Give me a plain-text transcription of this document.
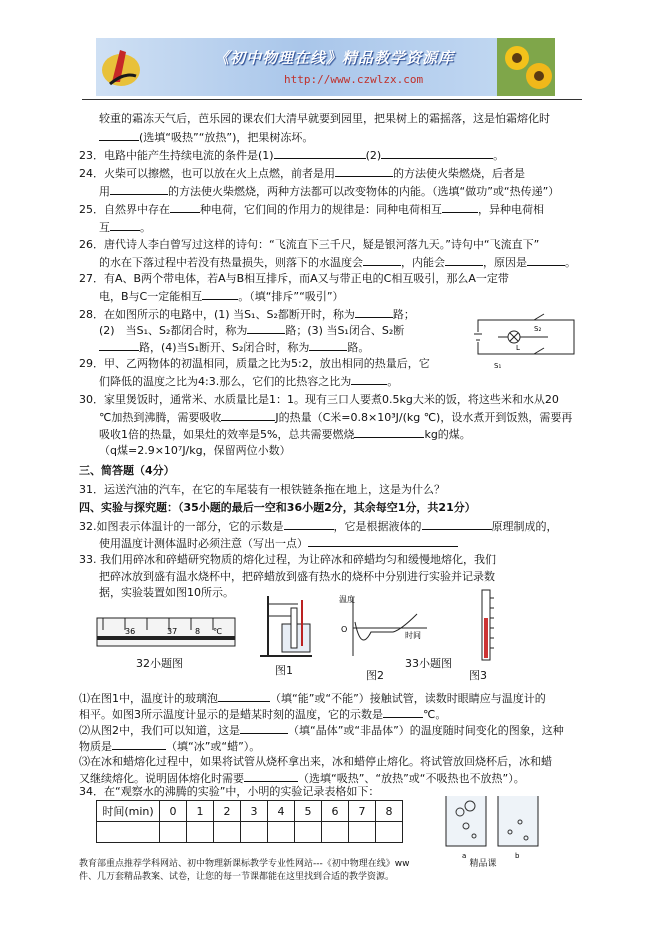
《初中物理在线》精品教学资源库
http://www.czwlzx.com
较重的霜冻天气后，芭乐园的课农们大清早就要到园里，把果树上的霜摇落，这是怕霜熔化时
(选填“吸热”“放热”)，把果树冻坏。
23．电路中能产生持续电流的条件是(1)	(2)	。
24．火柴可以擦燃，也可以放在火上点燃，前者是用	的方法使火柴燃烧，后者是
用	的方法使火柴燃烧，两种方法都可以改变物体的内能。（选填“做功”或“热传递”）
25．自然界中存在	种电荷，它们间的作用力的规律是：同种电荷相互	，异种电荷相
互	。
26．唐代诗人李白曾写过这样的诗句：“飞流直下三千尺，疑是银河落九天。”诗句中“飞流直下”
的水在下落过程中若没有热量损失，则落下的水温度会	，内能会	，原因是	。
27．有A、B两个带电体，若A与B相互排斥，而A又与带正电的C相互吸引，那么A一定带
电，B与C一定能相互	。（填“排斥”“吸引”）
28．在如图所示的电路中，(1) 当S₁、S₂都断开时，称为	路；
(2)　当S₁、S₂都闭合时，称为	路；(3) 当S₁闭合、S₂断
路，(4)当S₁断开、S₂闭合时，称为	路。
S₂
L
S₁
29．甲、乙两物体的初温相同，质量之比为5:2，放出相同的热量后，它
们降低的温度之比为4:3.那么，它们的比热容之比为	。
30．家里煲饭时，通常米、水质量比是1：1。现有三口人要煮0.5kg大米的饭，将这些米和水从20
℃加热到沸腾，需要吸收	J的热量（C米=0.8×10³J/(kg ℃)，设水煮开到饭熟，需要再
吸收1倍的热量，如果灶的效率是5%，总共需要燃烧	kg的煤。
（q煤=2.9×10⁷J/kg，保留两位小数）
三、简答题（4分）
31．运送汽油的汽车，在它的车尾装有一根铁链条拖在地上，这是为什么？
四、实验与探究题：（35小题的最后一空和36小题2分，其余每空1分，共21分）
32.如图表示体温计的一部分，它的示数是	，它是根据液体的	原理制成的，
使用温度计测体温时必须注意（写出一点）
33. 我们用碎冰和碎蜡研究物质的熔化过程，为让碎冰和碎蜡均匀和缓慢地熔化，我们
把碎冰放到盛有温水烧杯中，把碎蜡放到盛有热水的烧杯中分别进行实验并记录数
据，实验装置如图10所示。
36	37 8 ℃
温度
时间
O
32小题图
图1	图2
33小题图
图3
⑴在图1中，温度计的玻璃泡	（填“能”或“不能”）接触试管，读数时眼睛应与温度计的
相平。如图3所示温度计显示的是蜡某时刻的温度，它的示数是	℃。
⑵从图2中，我们可以知道，这是	（填“晶体”或“非晶体”）的温度随时间变化的图象，这种
物质是	（填“冰”或“蜡”）。
⑶在冰和蜡熔化过程中，如果将试管从烧杯拿出来，冰和蜡停止熔化。将试管放回烧杯后，冰和蜡
又继续熔化。说明固体熔化时需要	（选填“吸热”、“放热”或“不吸热也不放热”）。
34．在“观察水的沸腾的实验”中，小明的实验记录表格如下：
时间(min)	0	1	2	3	4	5	6	7	8

a	b
教育部重点推荐学科网站、初中物理新课标教学专业性网站---《初中物理在线》ww	精品课
件、几万套精品教案、试卷，让您的每一节课都能在这里找到合适的教学资源。
